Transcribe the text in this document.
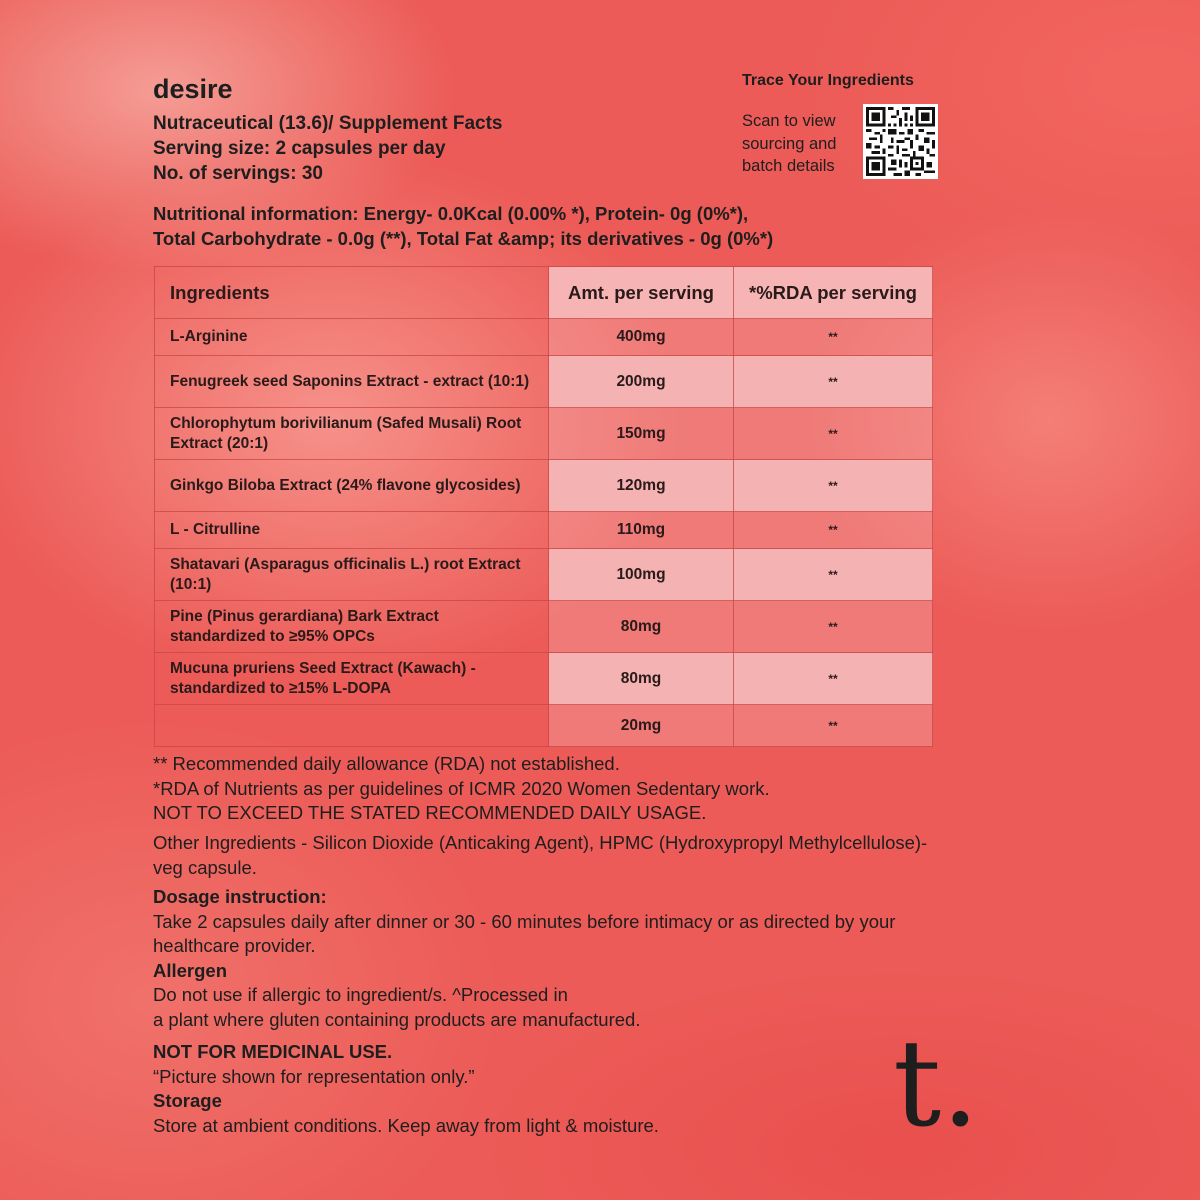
desire
Nutraceutical (13.6)/ Supplement Facts
Serving size: 2 capsules per day
No. of servings: 30
Nutritional information: Energy- 0.0Kcal (0.00% *), Protein- 0g (0%*),
Total Carbohydrate - 0.0g (**), Total Fat &amp; its derivatives - 0g (0%*)
Trace Your Ingredients
Scan to view sourcing and batch details
Ingredients	Amt. per serving	*%RDA per serving
L-Arginine	400mg	**
Fenugreek seed Saponins Extract - extract (10:1)	200mg	**
Chlorophytum borivilianum (Safed Musali) Root Extract (20:1)	150mg	**
Ginkgo Biloba Extract (24% flavone glycosides)	120mg	**
L - Citrulline	110mg	**
Shatavari (Asparagus officinalis L.) root Extract (10:1)	100mg	**
Pine (Pinus gerardiana) Bark Extract standardized to ≥95% OPCs	80mg	**
Mucuna pruriens Seed Extract (Kawach) - standardized to ≥15% L-DOPA	80mg	**
	20mg	**
** Recommended daily allowance (RDA) not established.
*RDA of Nutrients as per guidelines of ICMR 2020 Women Sedentary work.
NOT TO EXCEED THE STATED RECOMMENDED DAILY USAGE.
Other Ingredients - Silicon Dioxide (Anticaking Agent), HPMC (Hydroxypropyl Methylcellulose)-veg capsule.
Dosage instruction:
Take 2 capsules daily after dinner or 30 - 60 minutes before intimacy or as directed by your healthcare provider.
Allergen
Do not use if allergic to ingredient/s. ^Processed in
a plant where gluten containing products are manufactured.
NOT FOR MEDICINAL USE.
“Picture shown for representation only.”
Storage
Store at ambient conditions. Keep away from light & moisture.	t.
